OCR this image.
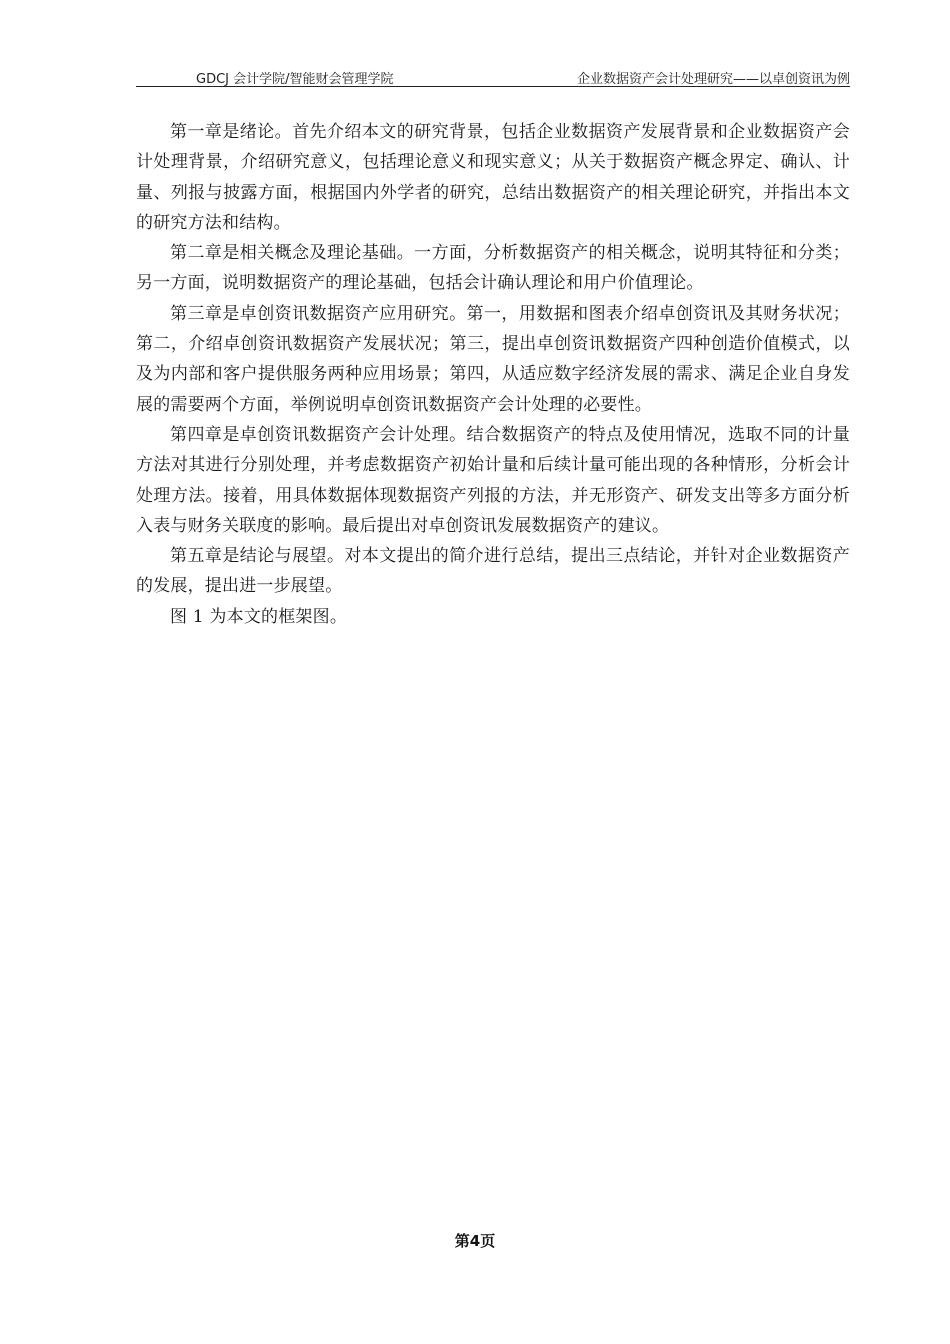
GDCJ 会计学院/智能财会管理学院	企业数据资产会计处理研究——以卓创资讯为例

第一章是绪论。首先介绍本文的研究背景，包括企业数据资产发展背景和企业数据资产会计处理背景，介绍研究意义，包括理论意义和现实意义；从关于数据资产概念界定、确认、计量、列报与披露方面，根据国内外学者的研究，总结出数据资产的相关理论研究，并指出本文的研究方法和结构。

第二章是相关概念及理论基础。一方面，分析数据资产的相关概念，说明其特征和分类；另一方面，说明数据资产的理论基础，包括会计确认理论和用户价值理论。

第三章是卓创资讯数据资产应用研究。第一，用数据和图表介绍卓创资讯及其财务状况；第二，介绍卓创资讯数据资产发展状况；第三，提出卓创资讯数据资产四种创造价值模式，以及为内部和客户提供服务两种应用场景；第四，从适应数字经济发展的需求、满足企业自身发展的需要两个方面，举例说明卓创资讯数据资产会计处理的必要性。

第四章是卓创资讯数据资产会计处理。结合数据资产的特点及使用情况，选取不同的计量方法对其进行分别处理，并考虑数据资产初始计量和后续计量可能出现的各种情形，分析会计处理方法。接着，用具体数据体现数据资产列报的方法，并无形资产、研发支出等多方面分析入表与财务关联度的影响。最后提出对卓创资讯发展数据资产的建议。

第五章是结论与展望。对本文提出的简介进行总结，提出三点结论，并针对企业数据资产的发展，提出进一步展望。

图 1 为本文的框架图。

第4页
